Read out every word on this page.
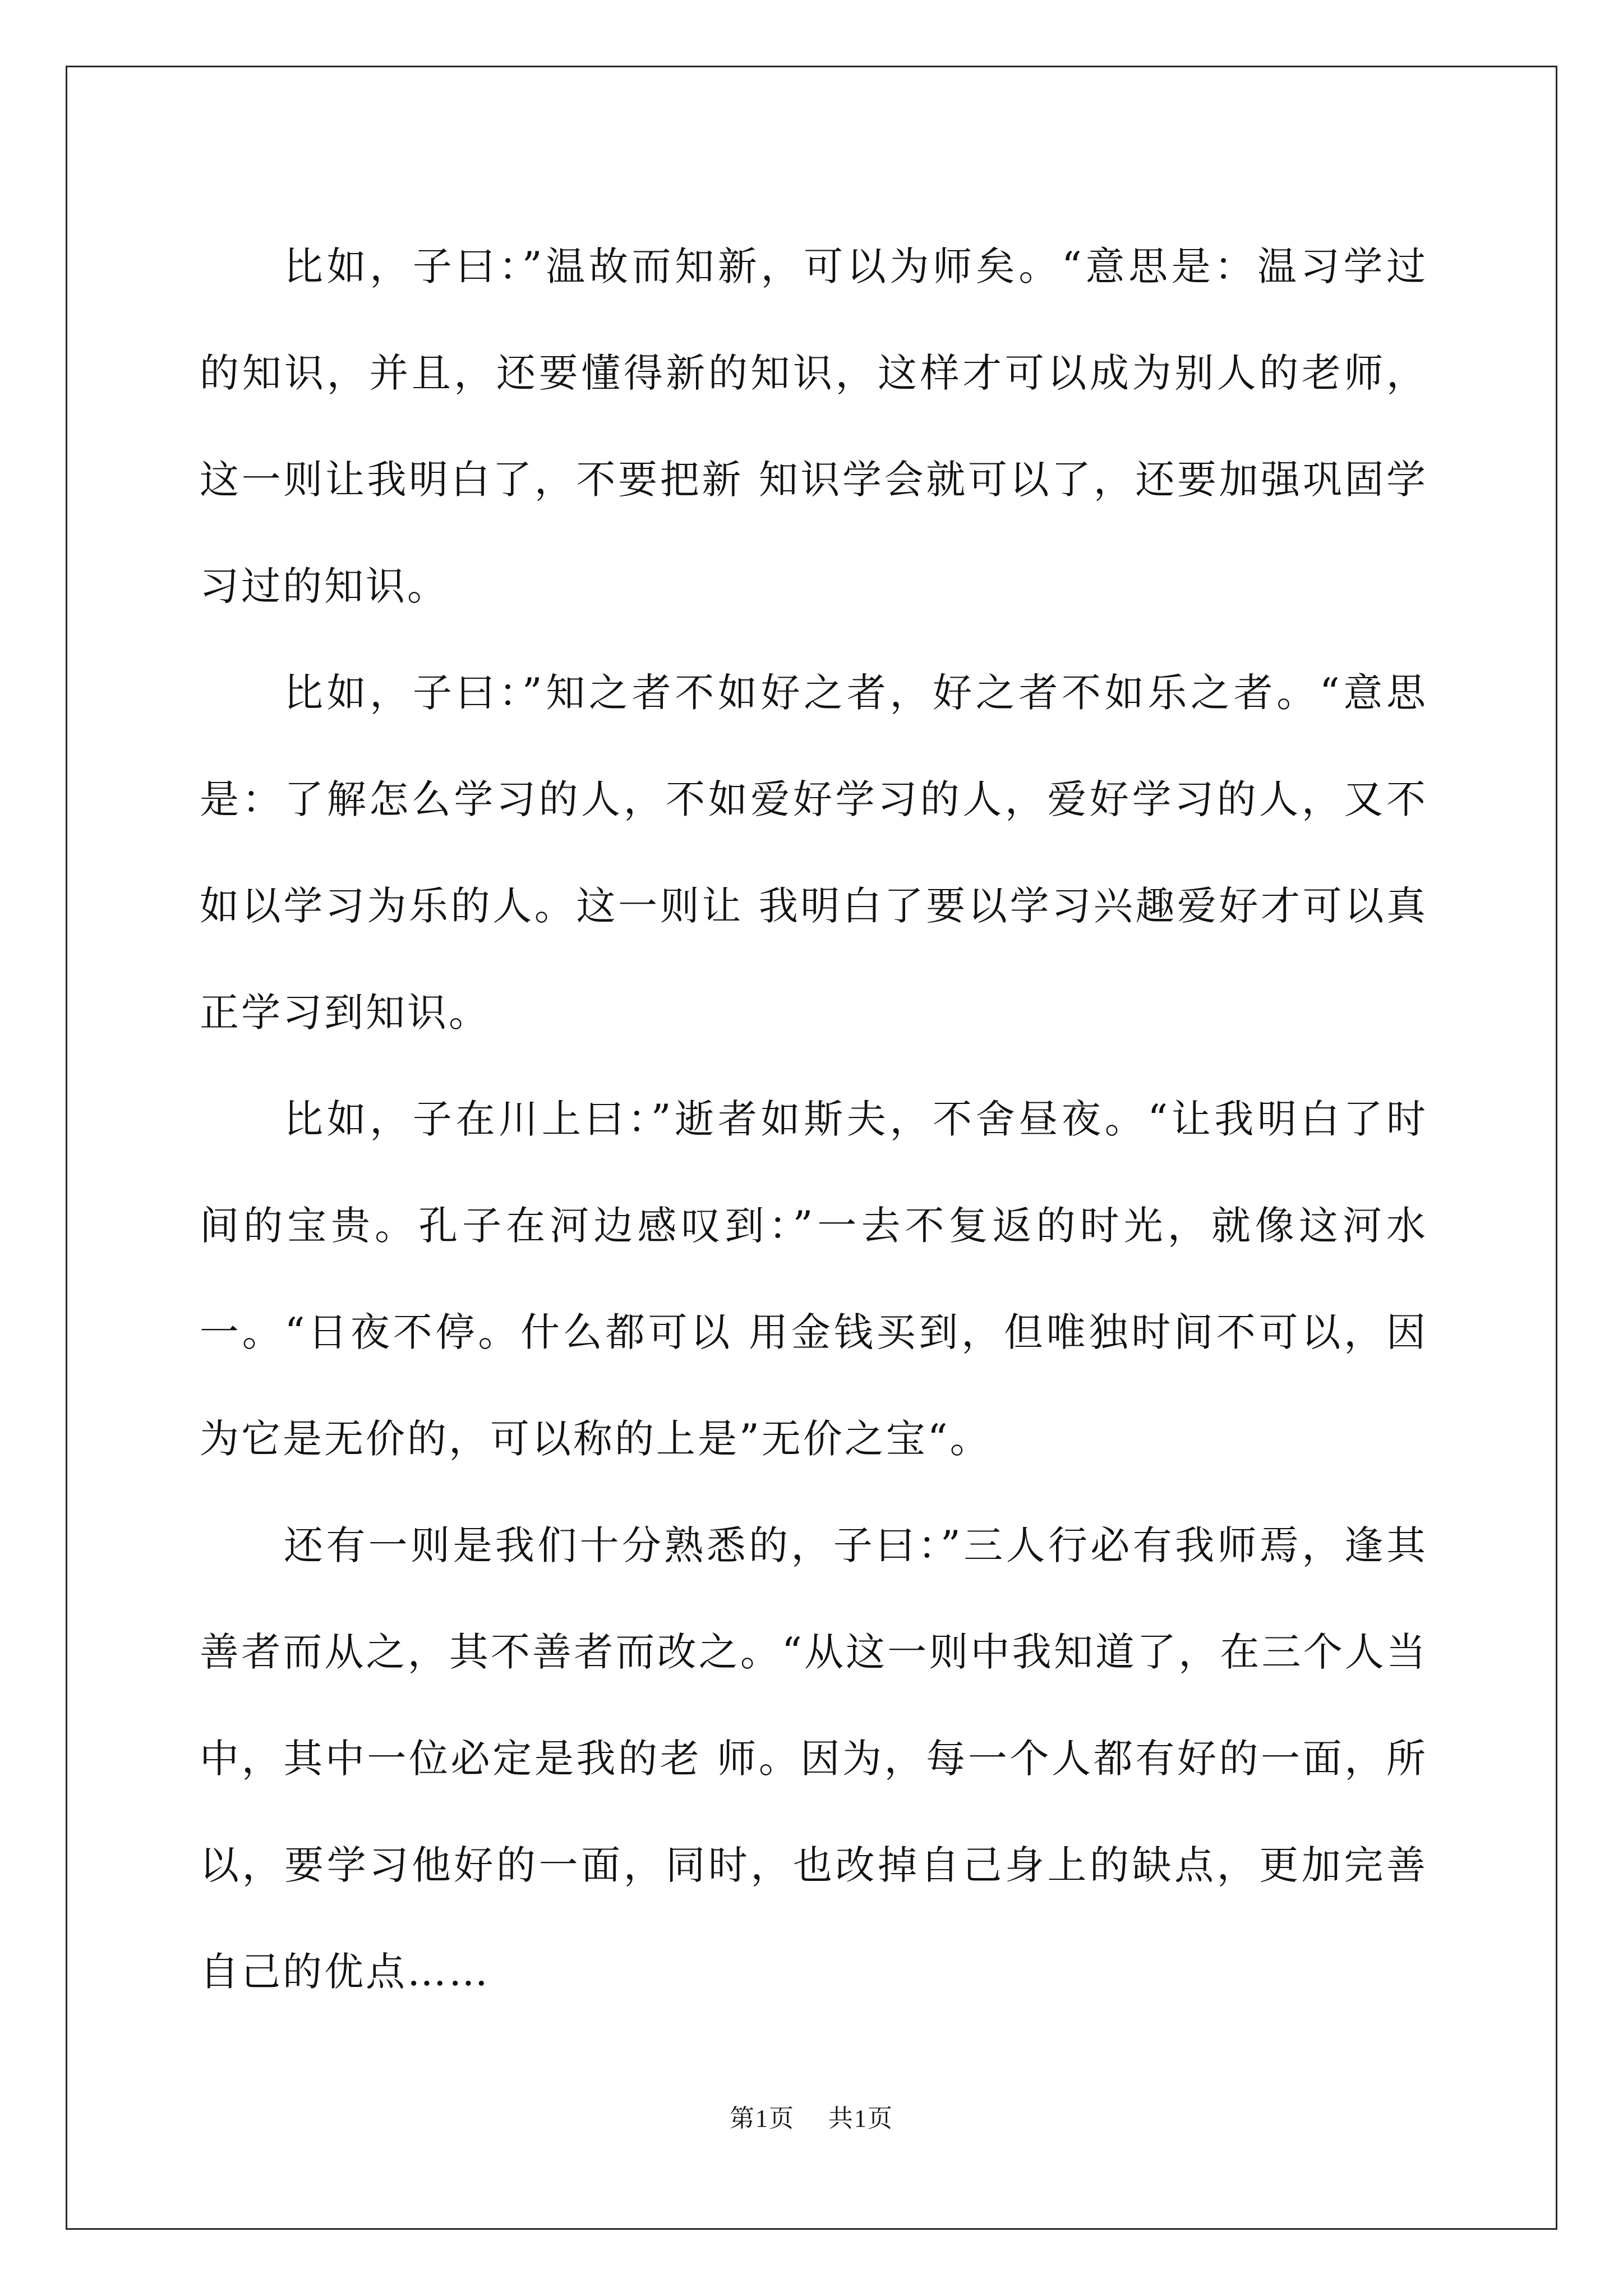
比如，子曰：”温故而知新，可以为师矣。“意思是：温习学过的知识，并且，还要懂得新的知识，这样才可以成为别人的老师，这一则让我明白了，不要把新 知识学会就可以了，还要加强巩固学习过的知识。

比如，子曰：”知之者不如好之者，好之者不如乐之者。“意思是：了解怎么学习的人，不如爱好学习的人，爱好学习的人，又不如以学习为乐的人。这一则让 我明白了要以学习兴趣爱好才可以真正学习到知识。

比如，子在川上曰：”逝者如斯夫，不舍昼夜。“让我明白了时间的宝贵。孔子在河边感叹到：”一去不复返的时光，就像这河水一。“日夜不停。什么都可以 用金钱买到，但唯独时间不可以，因为它是无价的，可以称的上是”无价之宝“。

还有一则是我们十分熟悉的，子曰：”三人行必有我师焉，逢其善者而从之，其不善者而改之。“从这一则中我知道了，在三个人当中，其中一位必定是我的老 师。因为，每一个人都有好的一面，所以，要学习他好的一面，同时，也改掉自己身上的缺点，更加完善自己的优点……

第1页 共1页
